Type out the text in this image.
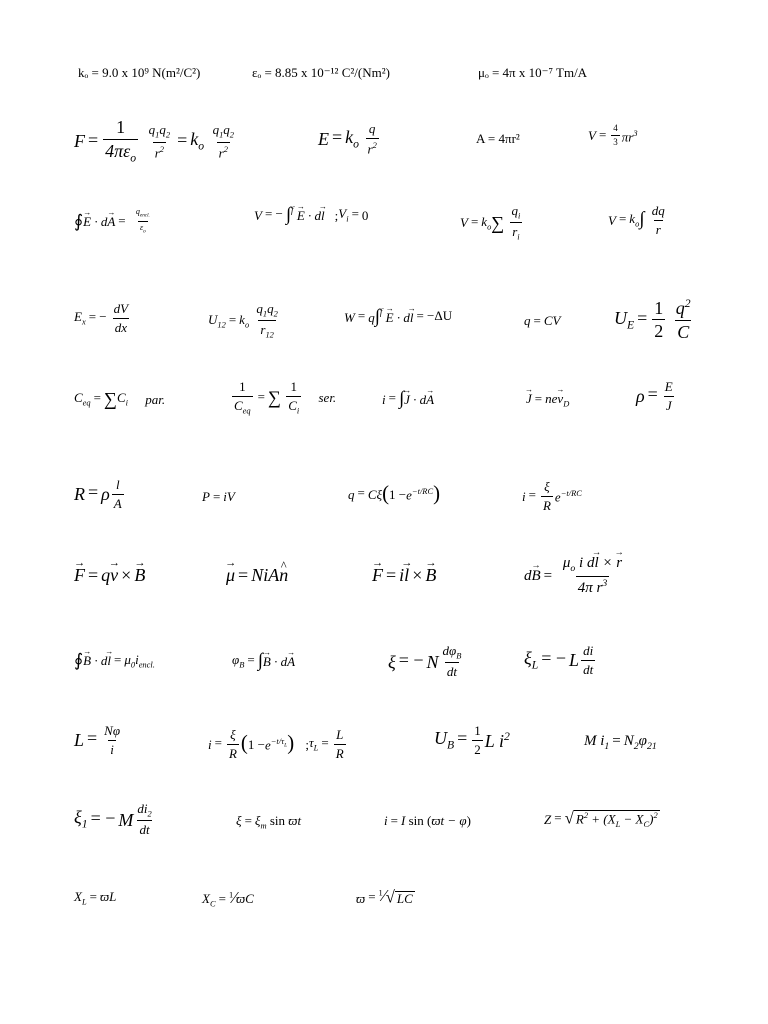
kₒ = 9.0 x 10⁹ N(m²/C²)	εₒ = 8.85 x 10⁻¹² C²/(Nm²)	μₒ = 4π x 10⁻⁷ Tm/A
$F = \frac{1}{4\pi\varepsilon_o}$
$\frac{q_1q_2}{r^2} = k_o \frac{q_1q_2}{r^2}$	$E = k_o \frac{q}{r^2}$	A = 4πr²	$V = \frac{4}{3} \pi r^3$
∮→ $E \cdot d\to A = \frac{q_{encl.}}{\varepsilon_o}$	V = − ∫f → E · d→ l $;V_i = 0$
$V = k_o\sum \frac{q_i}{r_i}$	$V = k_o\int \frac{dq}{r}$
$E_x$ = − $\frac{dV}{dx}$	$U_{12} = k_o \frac{q_1q_2}{r_{12}}$	W = q∫f → E · d→ l = −ΔU	q = CV	$U_E = \frac{1}{2}$
$\frac{q^2}{C}$
$C_{eq} = \sum C_i$ par.	$\frac{1}{C_{eq}}$ = ∑ $\frac{1}{C_i}$ ser.	i = ∫→ J · d→ A	→ $J = ne\to v_D$	$\rho = \frac{E}{J}$
R = ρ $\frac{l}{A}$	P = iV	$q = C\xi(1 -e^{-t/RC})$	$i = \frac{\xi}{R} e^{-t/RC}$
→ F = q→ v × → B	→ μ = NiA^ n	→ F = i→ l × → B	$d\to B = \frac{\mu_o i d\to l \times \to r}{4\pi r^3}$
∮→ $B \cdot d\to l = \mu_0i_{encl.}$	$\varphi_B$ = ∫→ B · d→ A	ξ = − N $\frac{d\varphi_B}{dt}$	$\xi_L$ = − L $\frac{di}{dt}$
$L = \frac{N\varphi}{i}$	$i = \frac{\xi}{R} (1 -e^{-t/\tau_L})$ $;\tau_L = \frac{L}{R}$	$U_B = \frac{1}{2}$ L $i^2$	M $i_1 = N_2\varphi_{21}$
$\xi_1$ = − M $\frac{di_2}{dt}$	$\xi = \xi_m$ sin ϖt	i = I sin (ϖt − φ)	Z = √ $R^2 + (X_L - X_C)^2$
$X_L = ϖL$	$X_C$ = $^1$∕ϖC	ϖ = $^1$∕√ LC
